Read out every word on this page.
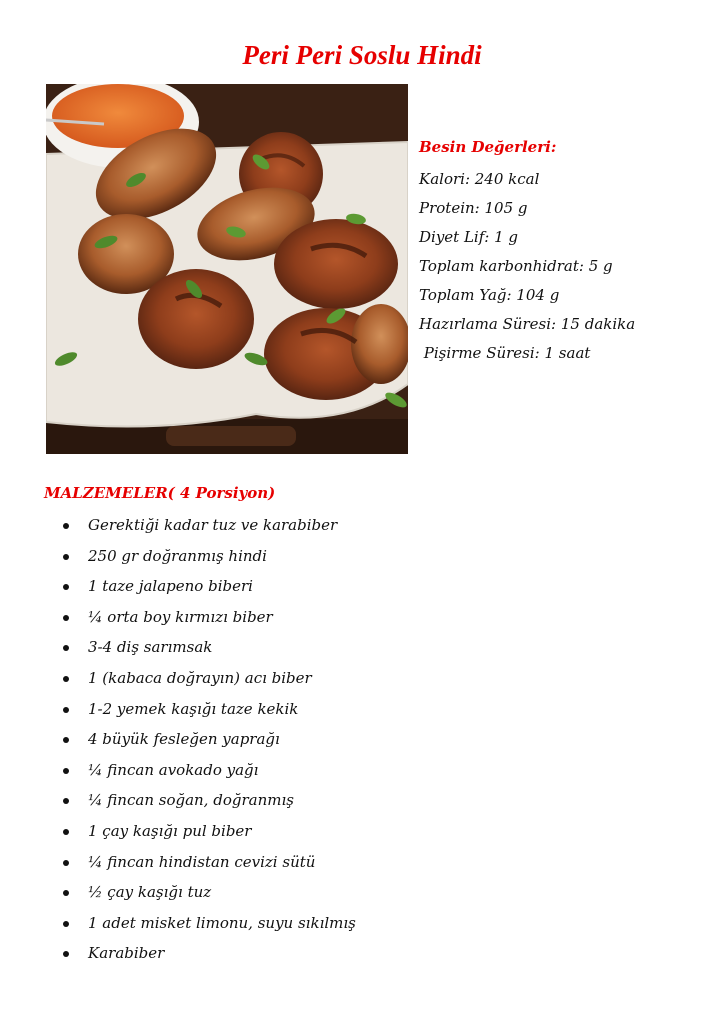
Peri Peri Soslu Hindi
Besin Değerleri:
Kalori: 240 kcal
Protein: 105 g
Diyet Lif: 1 g
Toplam karbonhidrat: 5 g
Toplam Yağ: 104 g
Hazırlama Süresi: 15 dakika
Pişirme Süresi: 1 saat
MALZEMELER( 4 Porsiyon)
Gerektiği kadar tuz ve karabiber
250 gr doğranmış hindi
1 taze jalapeno biberi
¼ orta boy kırmızı biber
3-4 diş sarımsak
1 (kabaca doğrayın) acı biber
1-2 yemek kaşığı taze kekik
4 büyük fesleğen yaprağı
¼ fincan avokado yağı
¼ fincan soğan, doğranmış
1 çay kaşığı pul biber
¼ fincan hindistan cevizi sütü
½ çay kaşığı tuz
1 adet misket limonu, suyu sıkılmış
Karabiber
